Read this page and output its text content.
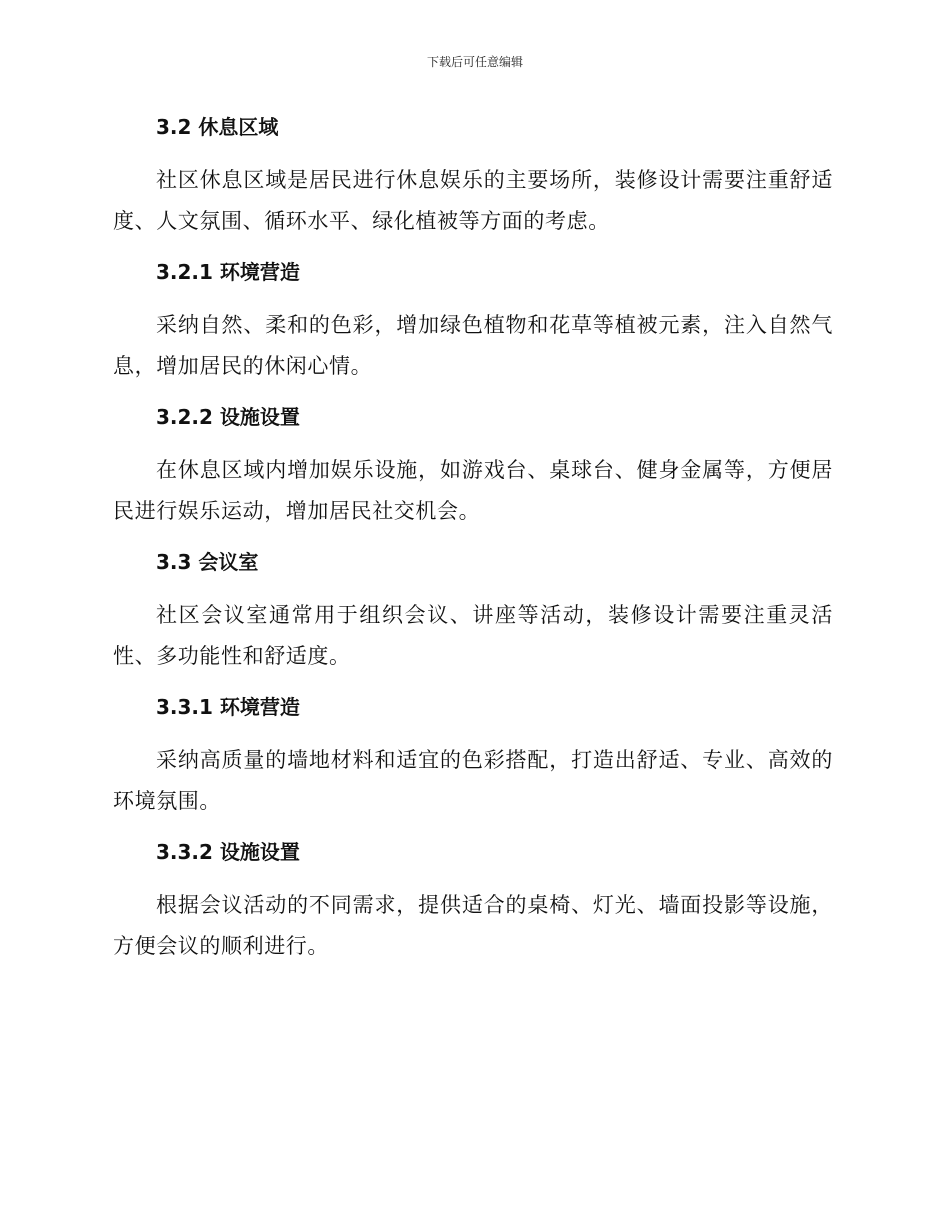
下载后可任意编辑
3.2 休息区域

社区休息区域是居民进行休息娱乐的主要场所，装修设计需要注重舒适度、人文氛围、循环水平、绿化植被等方面的考虑。

3.2.1 环境营造

采纳自然、柔和的色彩，增加绿色植物和花草等植被元素，注入自然气息，增加居民的休闲心情。

3.2.2 设施设置

在休息区域内增加娱乐设施，如游戏台、桌球台、健身金属等，方便居民进行娱乐运动，增加居民社交机会。

3.3 会议室

社区会议室通常用于组织会议、讲座等活动，装修设计需要注重灵活性、多功能性和舒适度。

3.3.1 环境营造

采纳高质量的墙地材料和适宜的色彩搭配，打造出舒适、专业、高效的环境氛围。

3.3.2 设施设置

根据会议活动的不同需求，提供适合的桌椅、灯光、墙面投影等设施，方便会议的顺利进行。
